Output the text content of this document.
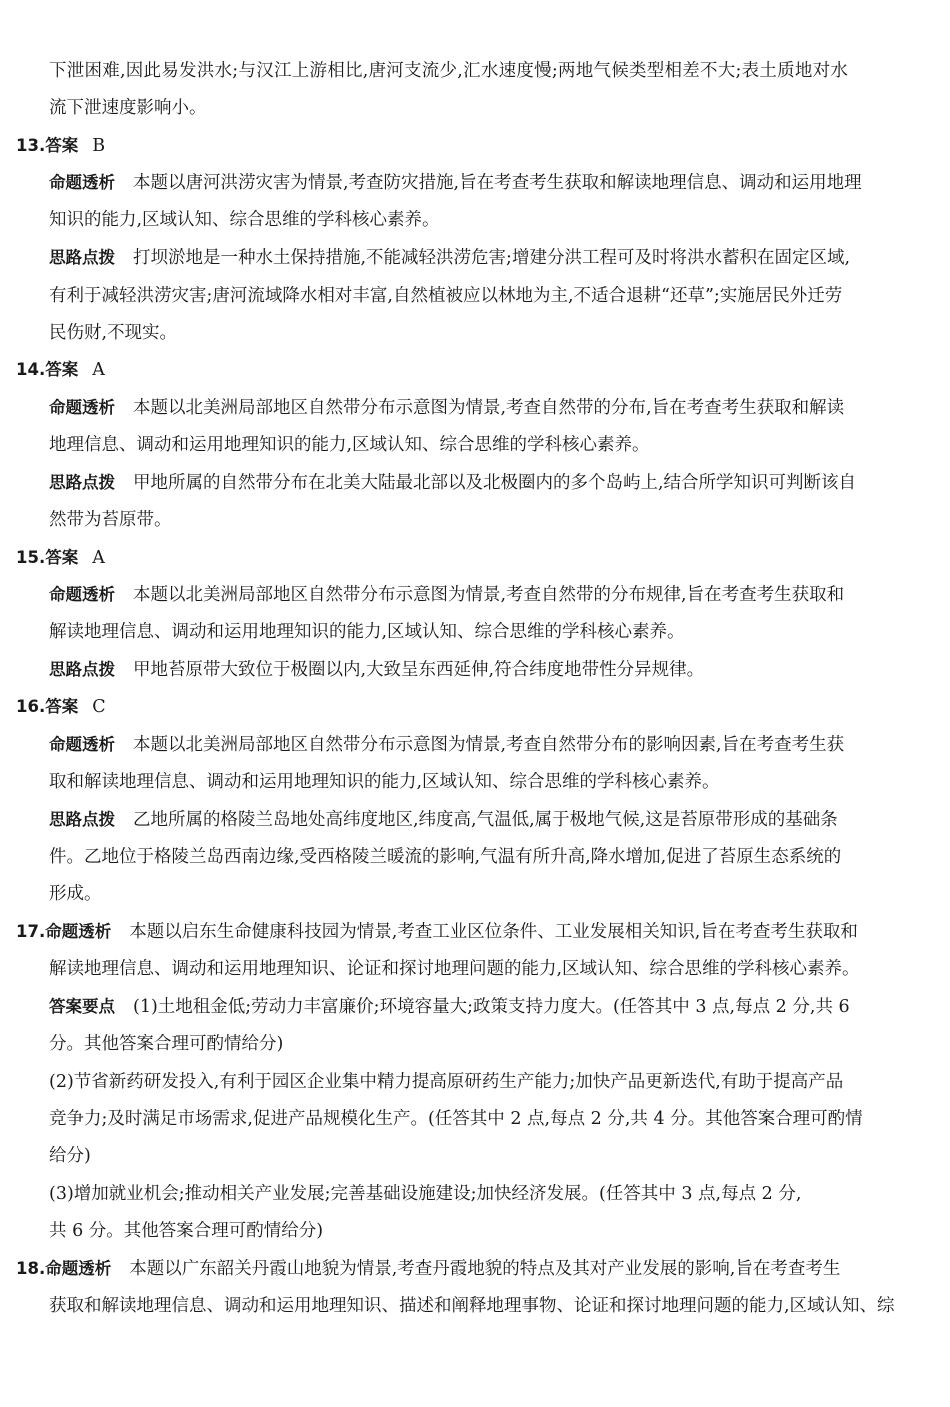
下泄困难,因此易发洪水;与汉江上游相比,唐河支流少,汇水速度慢;两地气候类型相差不大;表土质地对水
流下泄速度影响小。
13.答案 B
命题透析 本题以唐河洪涝灾害为情景,考查防灾措施,旨在考查考生获取和解读地理信息、调动和运用地理
知识的能力,区域认知、综合思维的学科核心素养。
思路点拨 打坝淤地是一种水土保持措施,不能减轻洪涝危害;增建分洪工程可及时将洪水蓄积在固定区域,
有利于减轻洪涝灾害;唐河流域降水相对丰富,自然植被应以林地为主,不适合退耕“还草”;实施居民外迁劳
民伤财,不现实。
14.答案 A
命题透析 本题以北美洲局部地区自然带分布示意图为情景,考查自然带的分布,旨在考查考生获取和解读
地理信息、调动和运用地理知识的能力,区域认知、综合思维的学科核心素养。
思路点拨 甲地所属的自然带分布在北美大陆最北部以及北极圈内的多个岛屿上,结合所学知识可判断该自
然带为苔原带。
15.答案 A
命题透析 本题以北美洲局部地区自然带分布示意图为情景,考查自然带的分布规律,旨在考查考生获取和
解读地理信息、调动和运用地理知识的能力,区域认知、综合思维的学科核心素养。
思路点拨 甲地苔原带大致位于极圈以内,大致呈东西延伸,符合纬度地带性分异规律。
16.答案 C
命题透析 本题以北美洲局部地区自然带分布示意图为情景,考查自然带分布的影响因素,旨在考查考生获
取和解读地理信息、调动和运用地理知识的能力,区域认知、综合思维的学科核心素养。
思路点拨 乙地所属的格陵兰岛地处高纬度地区,纬度高,气温低,属于极地气候,这是苔原带形成的基础条
件。乙地位于格陵兰岛西南边缘,受西格陵兰暖流的影响,气温有所升高,降水增加,促进了苔原生态系统的
形成。
17.命题透析 本题以启东生命健康科技园为情景,考查工业区位条件、工业发展相关知识,旨在考查考生获取和
解读地理信息、调动和运用地理知识、论证和探讨地理问题的能力,区域认知、综合思维的学科核心素养。
答案要点 (1)土地租金低;劳动力丰富廉价;环境容量大;政策支持力度大。(任答其中 3 点,每点 2 分,共 6
分。其他答案合理可酌情给分)
(2)节省新药研发投入,有利于园区企业集中精力提高原研药生产能力;加快产品更新迭代,有助于提高产品
竞争力;及时满足市场需求,促进产品规模化生产。(任答其中 2 点,每点 2 分,共 4 分。其他答案合理可酌情
给分)
(3)增加就业机会;推动相关产业发展;完善基础设施建设;加快经济发展。(任答其中 3 点,每点 2 分,
共 6 分。其他答案合理可酌情给分)
18.命题透析 本题以广东韶关丹霞山地貌为情景,考查丹霞地貌的特点及其对产业发展的影响,旨在考查考生
获取和解读地理信息、调动和运用地理知识、描述和阐释地理事物、论证和探讨地理问题的能力,区域认知、综
